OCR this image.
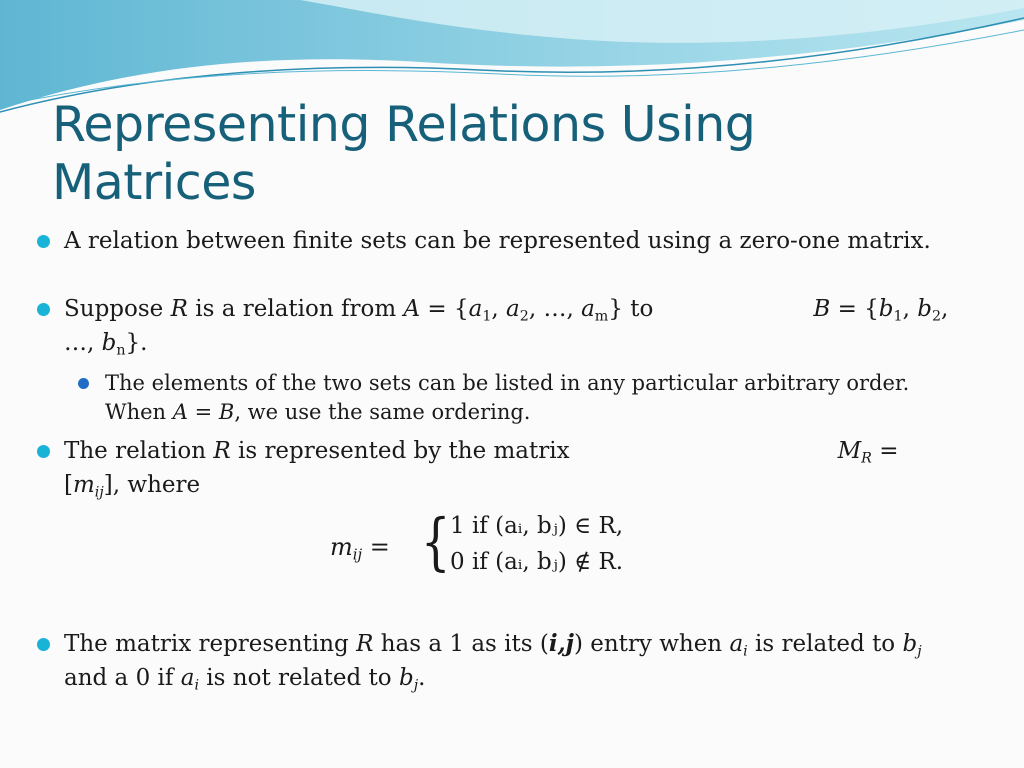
Representing Relations Using Matrices
A relation between finite sets can be represented using a zero-one matrix.
Suppose R is a relation from $A = \{a_1$, $a_2$, …, $a_m$} to	$B = \{b_1$, $b_2$, …, $b_n$}.
The elements of the two sets can be listed in any particular arbitrary order. When A = B, we use the same ordering.
The relation R is represented by the matrix	$M_R = [m_{ij}]$, where
$m_{ij}$ = { 1 if (aᵢ, bⱼ) ∈ R,
0 if (aᵢ, bⱼ) ∉ R.
The matrix representing R has a 1 as its (i,j) entry when $a_i$ is related to $b_j$ and a 0 if $a_i$ is not related to $b_j$.
